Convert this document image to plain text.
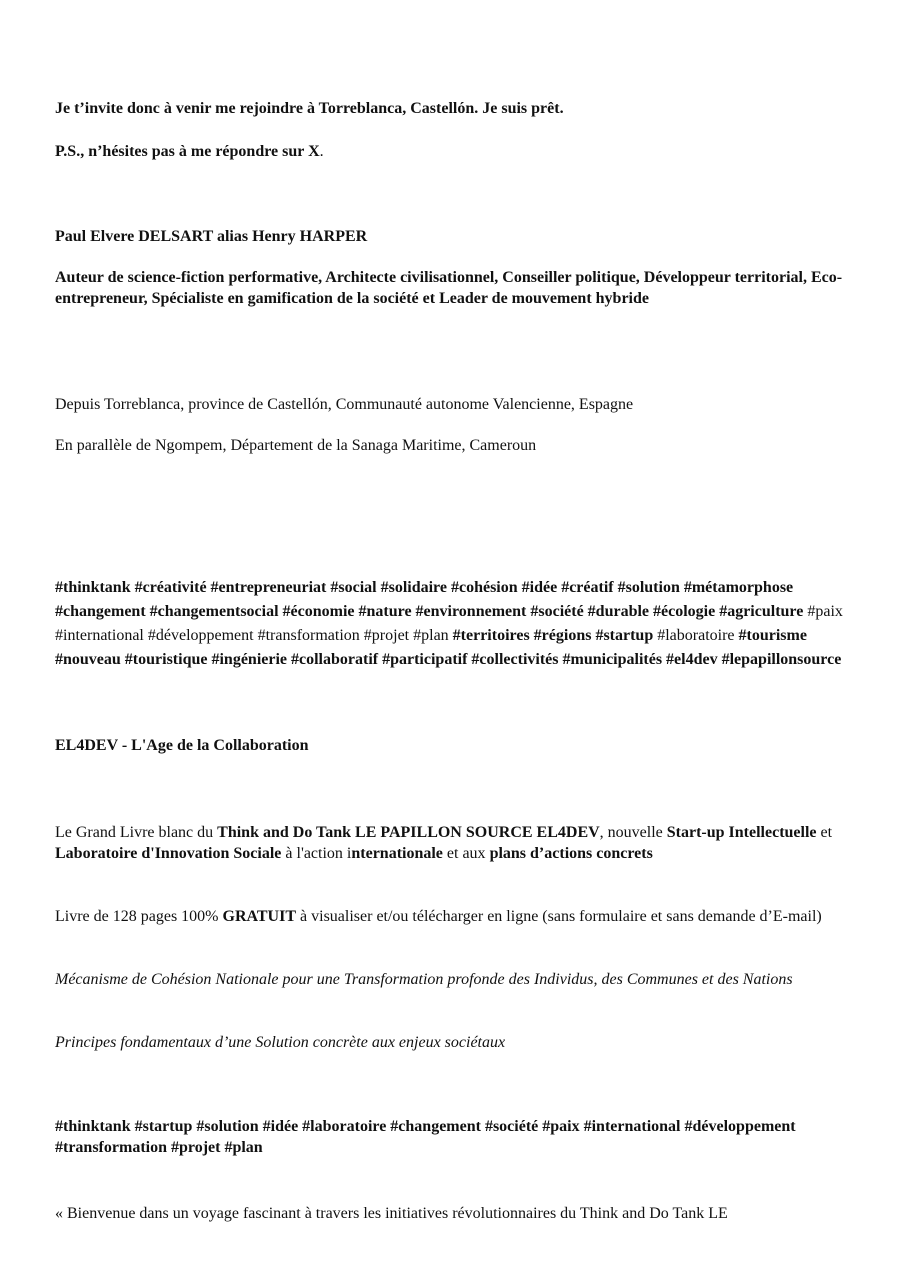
Je t’invite donc à venir me rejoindre à Torreblanca, Castellón. Je suis prêt.

P.S., n’hésites pas à me répondre sur X.

Paul Elvere DELSART alias Henry HARPER

Auteur de science-fiction performative, Architecte civilisationnel, Conseiller politique, Développeur territorial, Eco-entrepreneur, Spécialiste en gamification de la société et Leader de mouvement hybride

Depuis Torreblanca, province de Castellón, Communauté autonome Valencienne, Espagne

En parallèle de Ngompem, Département de la Sanaga Maritime, Cameroun

#thinktank #créativité #entrepreneuriat #social #solidaire #cohésion #idée #créatif #solution #métamorphose #changement #changementsocial #économie #nature #environnement #société #durable #écologie #agriculture #paix #international #développement #transformation #projet #plan #territoires #régions #startup #laboratoire #tourisme #nouveau #touristique #ingénierie #collaboratif #participatif #collectivités #municipalités #el4dev #lepapillonsource

EL4DEV - L'Age de la Collaboration

Le Grand Livre blanc du Think and Do Tank LE PAPILLON SOURCE EL4DEV, nouvelle Start-up Intellectuelle et Laboratoire d'Innovation Sociale à l'action internationale et aux plans d’actions concrets

Livre de 128 pages 100% GRATUIT à visualiser et/ou télécharger en ligne (sans formulaire et sans demande d’E-mail)

Mécanisme de Cohésion Nationale pour une Transformation profonde des Individus, des Communes et des Nations

Principes fondamentaux d’une Solution concrète aux enjeux sociétaux

#thinktank #startup #solution #idée #laboratoire #changement #société #paix #international #développement #transformation #projet #plan

« Bienvenue dans un voyage fascinant à travers les initiatives révolutionnaires du Think and Do Tank LE
